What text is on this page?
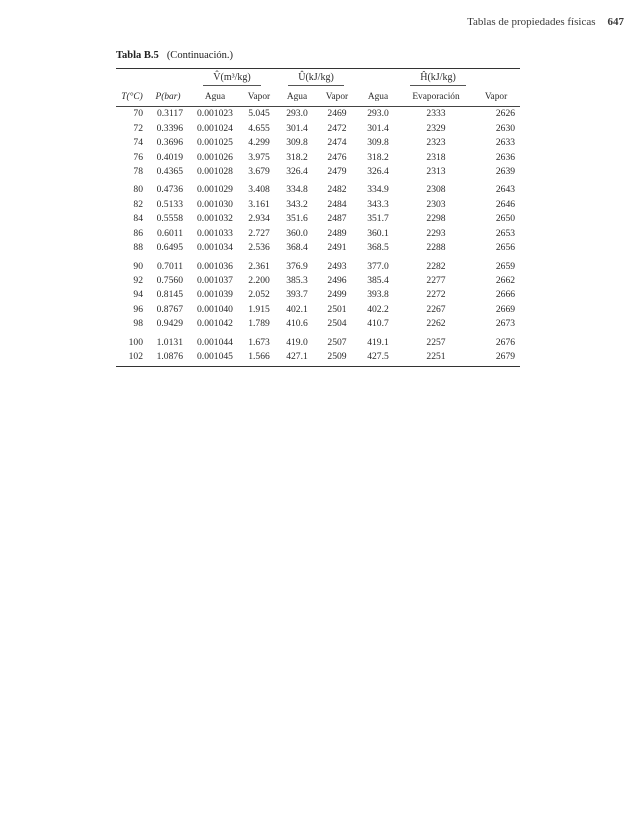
Tablas de propiedades físicas 647
Tabla B.5 (Continuación.)
		V̂(m³/kg)		Û(kJ/kg)		Ĥ(kJ/kg)		
T(°C)	P(bar)	Agua	Vapor	Agua	Vapor	Agua	Evaporación	Vapor
70	0.3117	0.001023	5.045	293.0	2469	293.0	2333	2626
72	0.3396	0.001024	4.655	301.4	2472	301.4	2329	2630
74	0.3696	0.001025	4.299	309.8	2474	309.8	2323	2633
76	0.4019	0.001026	3.975	318.2	2476	318.2	2318	2636
78	0.4365	0.001028	3.679	326.4	2479	326.4	2313	2639
80	0.4736	0.001029	3.408	334.8	2482	334.9	2308	2643
82	0.5133	0.001030	3.161	343.2	2484	343.3	2303	2646
84	0.5558	0.001032	2.934	351.6	2487	351.7	2298	2650
86	0.6011	0.001033	2.727	360.0	2489	360.1	2293	2653
88	0.6495	0.001034	2.536	368.4	2491	368.5	2288	2656
90	0.7011	0.001036	2.361	376.9	2493	377.0	2282	2659
92	0.7560	0.001037	2.200	385.3	2496	385.4	2277	2662
94	0.8145	0.001039	2.052	393.7	2499	393.8	2272	2666
96	0.8767	0.001040	1.915	402.1	2501	402.2	2267	2669
98	0.9429	0.001042	1.789	410.6	2504	410.7	2262	2673
100	1.0131	0.001044	1.673	419.0	2507	419.1	2257	2676
102	1.0876	0.001045	1.566	427.1	2509	427.5	2251	2679
